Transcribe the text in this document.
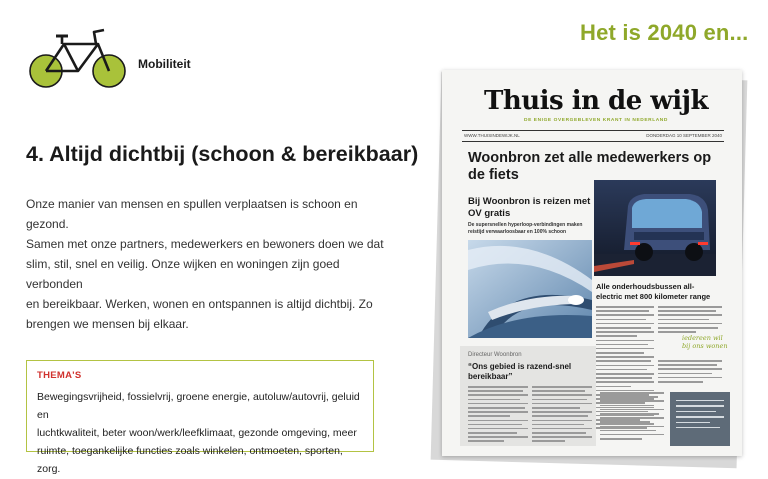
Mobiliteit
Het is 2040 en...
4. Altijd dichtbij (schoon & bereikbaar)
Onze manier van mensen en spullen verplaatsen is schoon en gezond.
Samen met onze partners, medewerkers en bewoners doen we dat
slim, stil, snel en veilig. Onze wijken en woningen zijn goed verbonden
en bereikbaar. Werken, wonen en ontspannen is altijd dichtbij. Zo
brengen we mensen bij elkaar.
THEMA'S
Bewegingsvrijheid, fossielvrij, groene energie, autoluw/autovrij, geluid en
luchtkwaliteit, beter woon/werk/leefklimaat, gezonde omgeving, meer
ruimte, toegankelijke functies zoals winkelen, ontmoeten, sporten, zorg.
Thuis in de wijk
DE ENIGE OVERGEBLEVEN KRANT IN NEDERLAND
WWW.THUISINDEWIJK.NL	DONDERDAG 10 SEPTEMBER 2040
Woonbron zet alle medewerkers op de fiets
Bij Woonbron is reizen met OV gratis
De supersnellen hyperloop-verbindingen maken reistijd verwaarloosbaar en 100% schoon
Alle onderhoudsbussen all-electric met 800 kilometer range
iedereen wil bij ons wonen
Directeur Woonbron
“Ons gebied is razend-snel bereikbaar”
